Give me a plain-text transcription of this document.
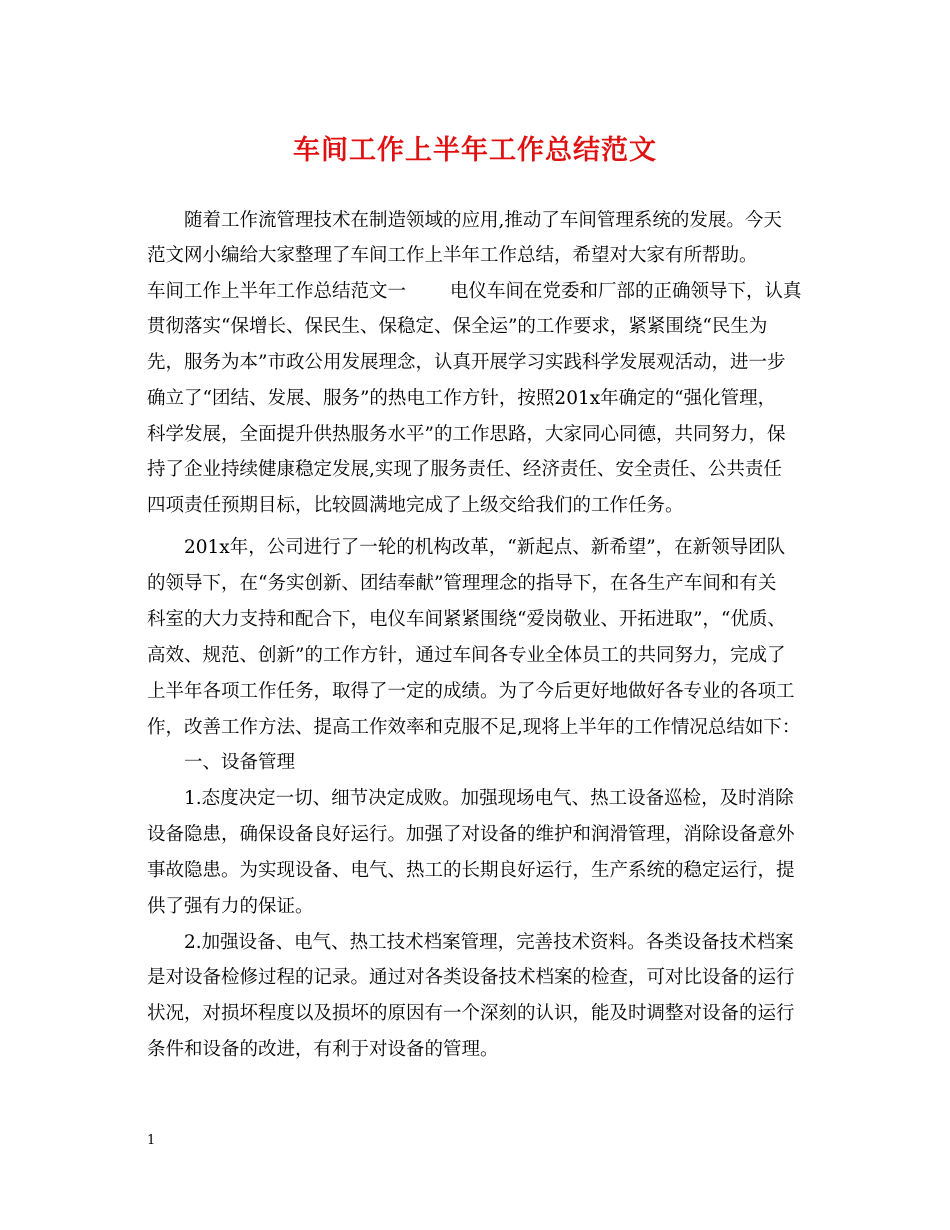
车间工作上半年工作总结范文

随着工作流管理技术在制造领域的应用,推动了车间管理系统的发展。今天

范文网小编给大家整理了车间工作上半年工作总结，希望对大家有所帮助。

车间工作上半年工作总结范文一 电仪车间在党委和厂部的正确领导下，认真

贯彻落实“保增长、保民生、保稳定、保全运”的工作要求，紧紧围绕“民生为

先，服务为本”市政公用发展理念，认真开展学习实践科学发展观活动，进一步

确立了“团结、发展、服务”的热电工作方针，按照201x年确定的“强化管理，

科学发展，全面提升供热服务水平”的工作思路，大家同心同德，共同努力，保

持了企业持续健康稳定发展,实现了服务责任、经济责任、安全责任、公共责任

四项责任预期目标，比较圆满地完成了上级交给我们的工作任务。

201x年，公司进行了一轮的机构改革，“新起点、新希望”，在新领导团队

的领导下，在“务实创新、团结奉献”管理理念的指导下，在各生产车间和有关

科室的大力支持和配合下，电仪车间紧紧围绕“爱岗敬业、开拓进取”，“优质、

高效、规范、创新”的工作方针，通过车间各专业全体员工的共同努力，完成了

上半年各项工作任务，取得了一定的成绩。为了今后更好地做好各专业的各项工

作，改善工作方法、提高工作效率和克服不足,现将上半年的工作情况总结如下：

一、设备管理

1.态度决定一切、细节决定成败。加强现场电气、热工设备巡检，及时消除

设备隐患，确保设备良好运行。加强了对设备的维护和润滑管理，消除设备意外

事故隐患。为实现设备、电气、热工的长期良好运行，生产系统的稳定运行，提

供了强有力的保证。

2.加强设备、电气、热工技术档案管理，完善技术资料。各类设备技术档案

是对设备检修过程的记录。通过对各类设备技术档案的检查，可对比设备的运行

状况，对损坏程度以及损坏的原因有一个深刻的认识，能及时调整对设备的运行

条件和设备的改进，有利于对设备的管理。

1
